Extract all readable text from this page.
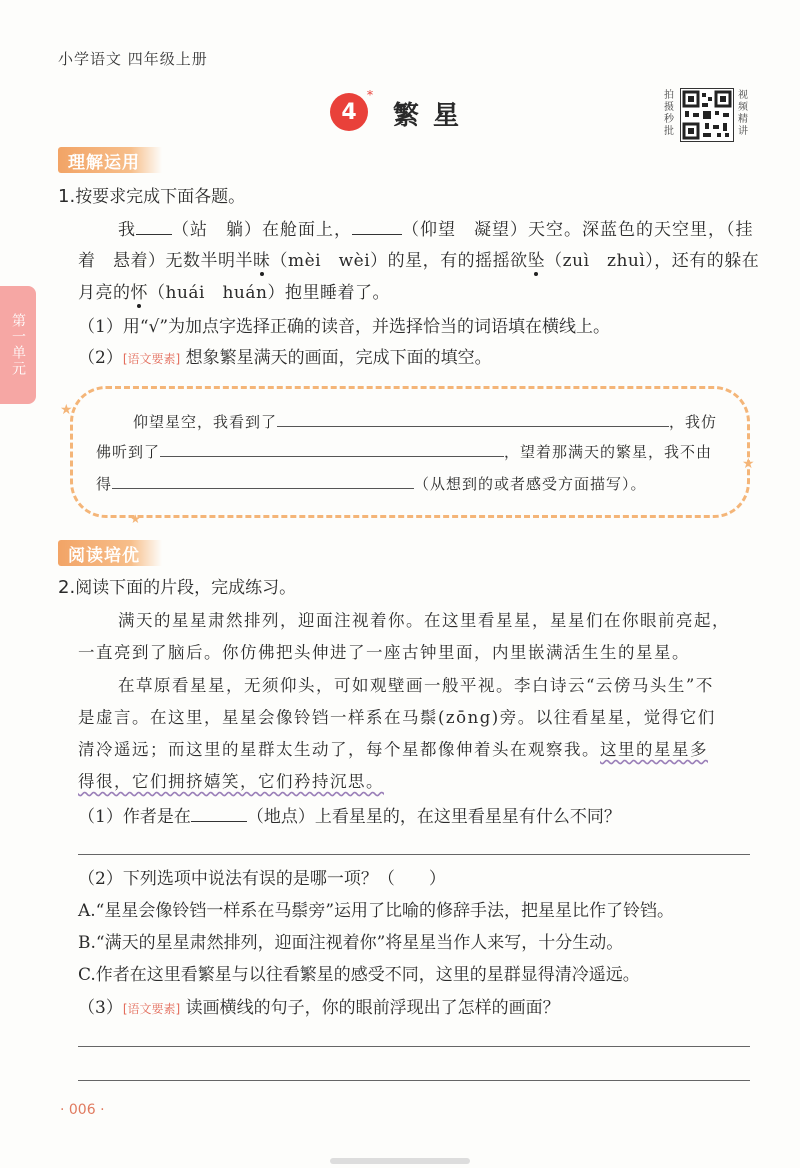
小学语文 四年级上册
4
*
繁星
拍摄秒批
视频精讲
第一单元
理解运用
1.按要求完成下面各题。
我 （站　躺）在舱面上，	（仰望　凝望）天空。深蓝色的天空里，（挂
着　悬着）无数半明半昧（mèi　wèi）的星，有的摇摇欲坠（zuì　zhuì），还有的躲在
月亮的怀（huái　huán）抱里睡着了。
（1）用“√”为加点字选择正确的读音，并选择恰当的词语填在横线上。
（2）[语文要素] 想象繁星满天的画面，完成下面的填空。
★
★
★
仰望星空，我看到了	，我仿
佛听到了	，望着那满天的繁星，我不由
得	（从想到的或者感受方面描写）。
阅读培优
2.阅读下面的片段，完成练习。
满天的星星肃然排列，迎面注视着你。在这里看星星，星星们在你眼前亮起，
一直亮到了脑后。你仿佛把头伸进了一座古钟里面，内里嵌满活生生的星星。
在草原看星星，无须仰头，可如观壁画一般平视。李白诗云“云傍马头生”不
是虚言。在这里，星星会像铃铛一样系在马鬃(zōng)旁。以往看星星，觉得它们
清冷遥远；而这里的星群太生动了，每个星都像伸着头在观察我。这里的星星多
得很，它们拥挤嬉笑，它们矜持沉思。
（1）作者是在	（地点）上看星星的，在这里看星星有什么不同？
（2）下列选项中说法有误的是哪一项？（　　）
A.“星星会像铃铛一样系在马鬃旁”运用了比喻的修辞手法，把星星比作了铃铛。
B.“满天的星星肃然排列，迎面注视着你”将星星当作人来写，十分生动。
C.作者在这里看繁星与以往看繁星的感受不同，这里的星群显得清冷遥远。
（3）[语文要素] 读画横线的句子，你的眼前浮现出了怎样的画面？
· 006 ·
